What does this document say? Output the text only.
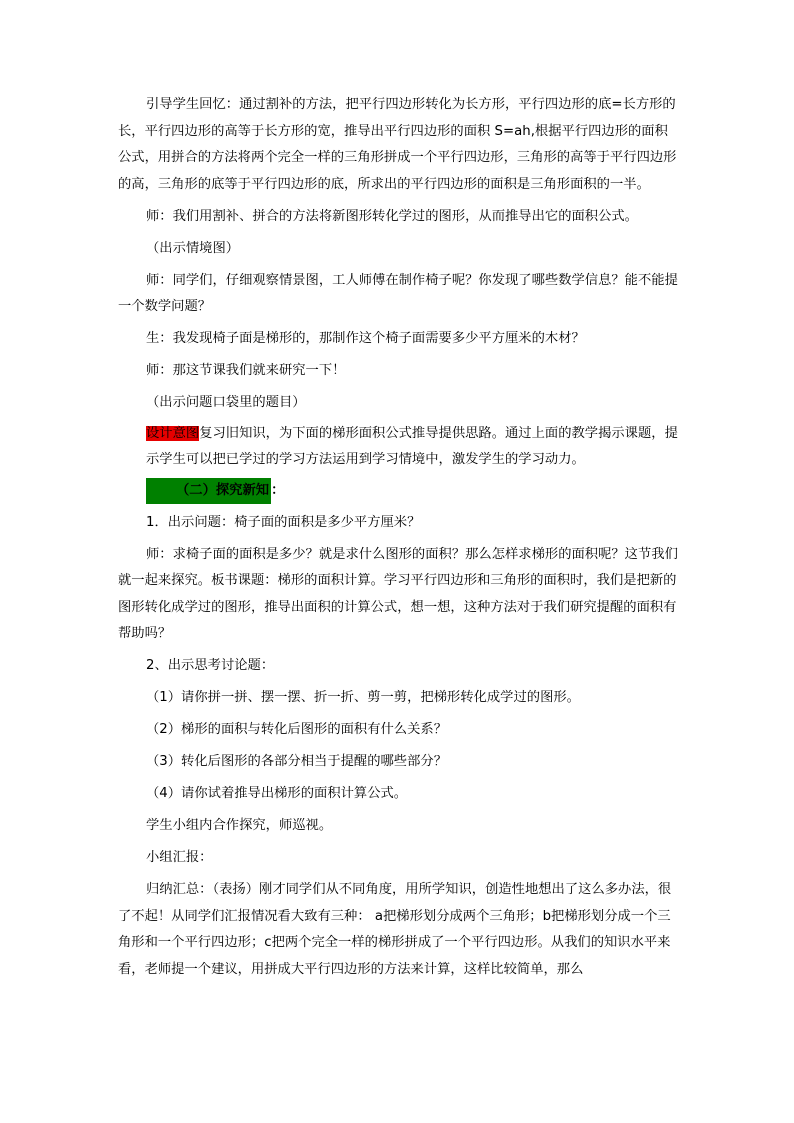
引导学生回忆：通过割补的方法，把平行四边形转化为长方形，平行四边形的底=长方形的长，平行四边形的高等于长方形的宽，推导出平行四边形的面积 S=ah,根据平行四边形的面积公式，用拼合的方法将两个完全一样的三角形拼成一个平行四边形，三角形的高等于平行四边形的高，三角形的底等于平行四边形的底，所求出的平行四边形的面积是三角形面积的一半。

师：我们用割补、拼合的方法将新图形转化学过的图形，从而推导出它的面积公式。

（出示情境图）

师：同学们，仔细观察情景图，工人师傅在制作椅子呢？你发现了哪些数学信息？能不能提一个数学问题？

生：我发现椅子面是梯形的，那制作这个椅子面需要多少平方厘米的木材？

师：那这节课我们就来研究一下！

（出示问题口袋里的题目）

设计意图复习旧知识，为下面的梯形面积公式推导提供思路。通过上面的教学揭示课题，提示学生可以把已学过的学习方法运用到学习情境中，激发学生的学习动力。

（二）探究新知 ：

1．出示问题：椅子面的面积是多少平方厘米？

师：求椅子面的面积是多少？就是求什么图形的面积？那么怎样求梯形的面积呢？这节我们就一起来探究。板书课题：梯形的面积计算。学习平行四边形和三角形的面积时，我们是把新的图形转化成学过的图形，推导出面积的计算公式，想一想，这种方法对于我们研究提醒的面积有帮助吗？

2、出示思考讨论题：

（1）请你拼一拼、摆一摆、折一折、剪一剪，把梯形转化成学过的图形。

（2）梯形的面积与转化后图形的面积有什么关系？

（3）转化后图形的各部分相当于提醒的哪些部分？

（4）请你试着推导出梯形的面积计算公式。

学生小组内合作探究，师巡视。

小组汇报：

归纳汇总：（表扬）刚才同学们从不同角度，用所学知识，创造性地想出了这么多办法，很了不起！从同学们汇报情况看大致有三种： a把梯形划分成两个三角形；b把梯形划分成一个三角形和一个平行四边形；c把两个完全一样的梯形拼成了一个平行四边形。从我们的知识水平来看，老师提一个建议，用拼成大平行四边形的方法来计算，这样比较简单，那么
